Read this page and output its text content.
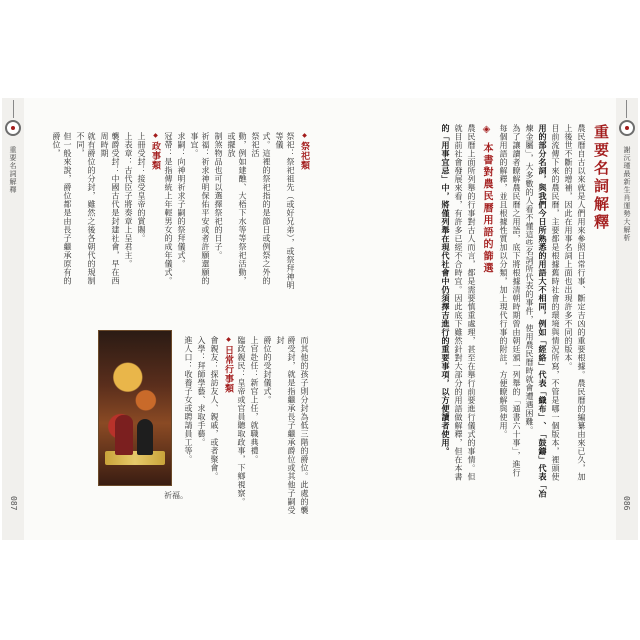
重要名詞解釋
087

◆ 祭祀類

祭祀：祭祀祖先（或好兄弟），或祭拜神明等儀

式。這裡的祭祀指的是節日或例祭之外的祭祀活

動，例如建醮、大梧下水等等祭祀活動，或擺放

制煞物品也可以選擇祭祀的日子。

祈福：祈求神明保佑平安或者許願還願的事宜。

求嗣：向神明祈求子嗣的祭拜儀式。

冠帶：是指傳統上年輕男女的成年儀式。

◆ 政事類

上冊受封：接受皇帝的賞賜。

上表章：古代臣子將奏章上呈君主。

襲爵受封：中國古代是封建社會，早在西周時期

就有爵位的分封，雖然之後各朝代的規制不同，

但一般來說，爵位都是由長子繼承原有的爵位，

而其他的孩子則分封為低三階的爵位。此處的襲

爵受封，就是指繼承長子繼承爵位或其他子嗣受封

爵位的受封儀式。

上官赴任：新官上任，就職典禮。

臨政親民：皇帝或官員聽取政事，下鄉視察。

◆ 日常行事類

會親友：探訪友人、親戚，或者聚會。

入學：拜師學藝、求取手藝。

進人口：收養子女或聘請員工等。

祈福。
謝沅瑾最新生肖運勢大解析
086
重要名詞解釋

農民曆自古以來就是人們用來參照日常行事、斷定吉凶的重要根據。農民曆的編纂由來已久，加

上後世不斷的增補，因此在用事名詞上面也出現許多不同的版本。

目前流傳下來的農民曆，主要都是根據舊時社會的環境與情況所寫，不管是哪一個版本，裡頭使

用的部分名詞，與我們今日所熟悉的用語大不相同，例如「經絡」代表「織布」、「鼓鑄」代表「冶

煉金屬」，大多數的人看不懂這些名詞所代表的事件，使用農民曆時就會遭遇困難。

為了讓讀者瞭解農民曆之用語，底下將根據清朝時期曾由朝廷頒一列舉的「通書六十事」，進行

每個用語的解釋，並且根據性質加以分類，加上現代行事的附註，方便瞭解與使用。

◈ 本書對農民曆用語的篩選

農民曆上面所列舉的行事對古人而言，都是需要慎重處理，甚至在舉行前要進行儀式的事情。但

就目前社會發展來看，有許多已經不合時宜。因此底下雖然針對大部分的用語做解釋，但在本書

的「用事宜忌」中，將僅列舉在現代社會中仍須擇吉進行的重要事項，以方便讀者使用。
